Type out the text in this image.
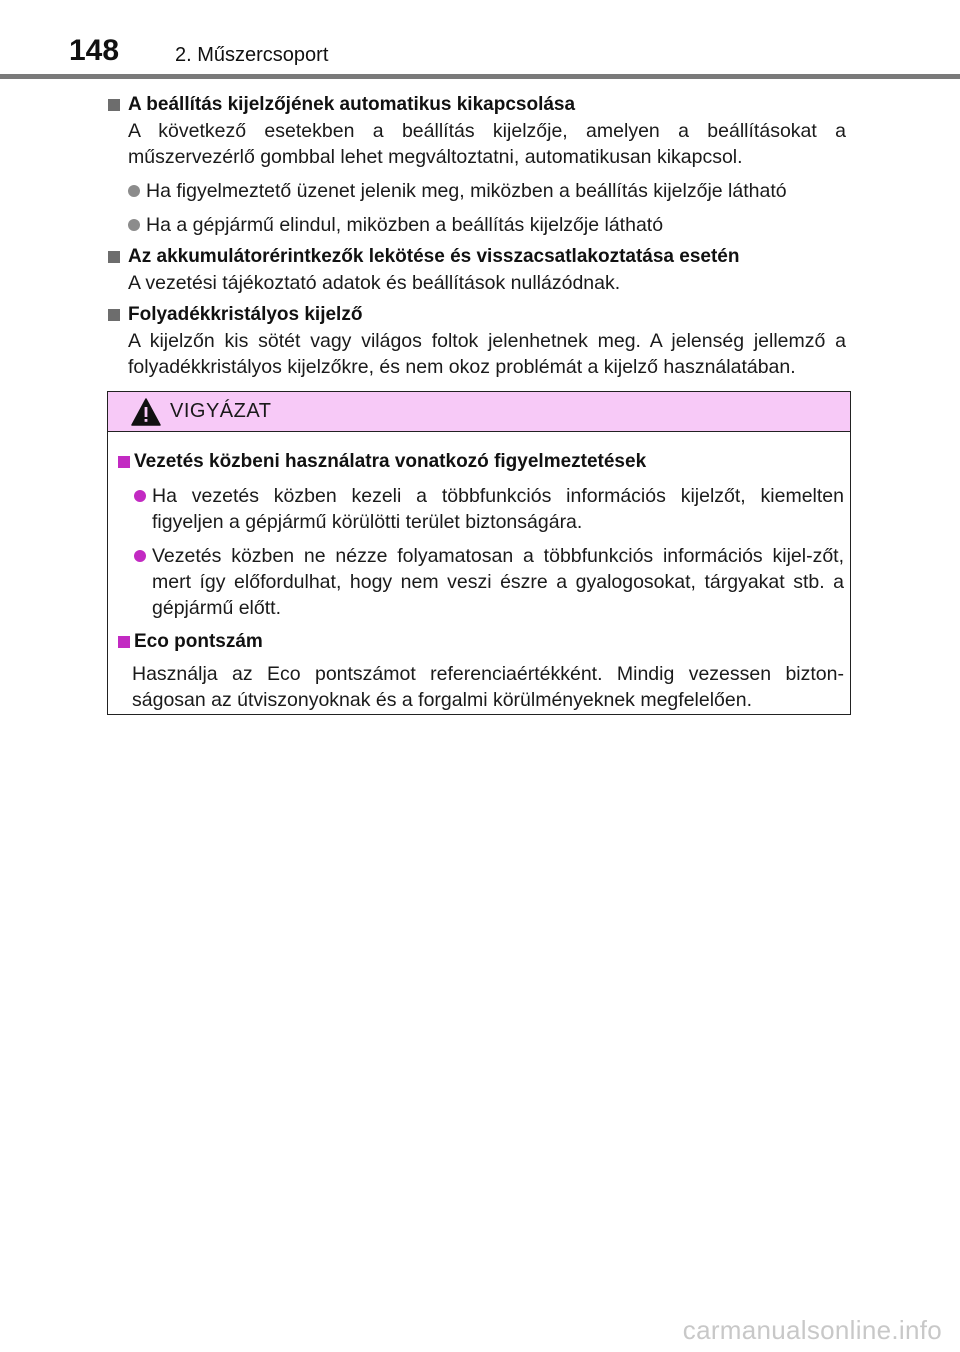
148	2. Műszercsoport
A beállítás kijelzőjének automatikus kikapcsolása
A következő esetekben a beállítás kijelzője, amelyen a beállításokat a műszervezérlő gombbal lehet megváltoztatni, automatikusan kikapcsol.
Ha figyelmeztető üzenet jelenik meg, miközben a beállítás kijelzője látható
Ha a gépjármű elindul, miközben a beállítás kijelzője látható
Az akkumulátorérintkezők lekötése és visszacsatlakoztatása esetén
A vezetési tájékoztató adatok és beállítások nullázódnak.
Folyadékkristályos kijelző
A kijelzőn kis sötét vagy világos foltok jelenhetnek meg. A jelenség jellemző a folyadékkristályos kijelzőkre, és nem okoz problémát a kijelző használatában.
VIGYÁZAT
Vezetés közbeni használatra vonatkozó figyelmeztetések
Ha vezetés közben kezeli a többfunkciós információs kijelzőt, kiemelten figyeljen a gépjármű körülötti terület biztonságára.
Vezetés közben ne nézze folyamatosan a többfunkciós információs kijel-zőt, mert így előfordulhat, hogy nem veszi észre a gyalogosokat, tárgyakat stb. a gépjármű előtt.
Eco pontszám
Használja az Eco pontszámot referenciaértékként. Mindig vezessen bizton-ságosan az útviszonyoknak és a forgalmi körülményeknek megfelelően.
carmanualsonline.info
